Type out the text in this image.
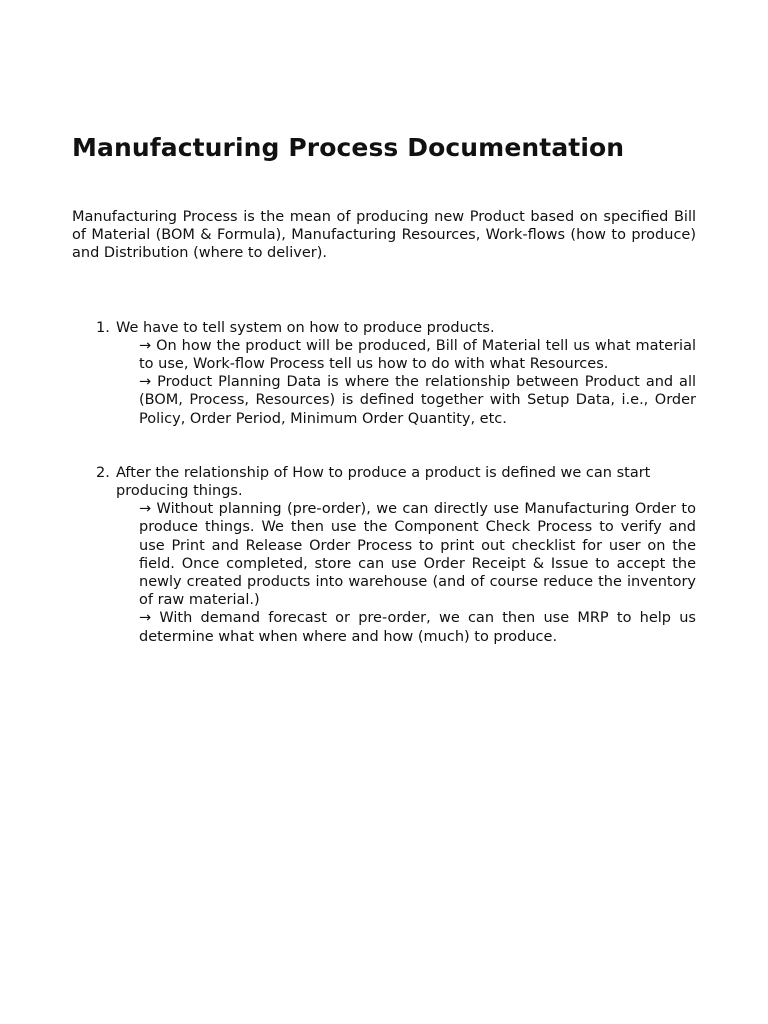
Manufacturing Process Documentation

Manufacturing Process is the mean of producing new Product based on specified Bill of Material (BOM & Formula), Manufacturing Resources, Work-flows (how to produce) and Distribution (where to deliver).

1. We have to tell system on how to produce products.

→ On how the product will be produced, Bill of Material tell us what material to use, Work-flow Process tell us how to do with what Resources.

→ Product Planning Data is where the relationship between Product and all (BOM, Process, Resources) is defined together with Setup Data, i.e., Order Policy, Order Period, Minimum Order Quantity, etc.

2. After the relationship of How to produce a product is defined we can start producing things.

→ Without planning (pre-order), we can directly use Manufacturing Order to produce things. We then use the Component Check Process to verify and use Print and Release Order Process to print out checklist for user on the field. Once completed, store can use Order Receipt & Issue to accept the newly created products into warehouse (and of course reduce the inventory of raw material.)

→ With demand forecast or pre-order, we can then use MRP to help us determine what when where and how (much) to produce.
